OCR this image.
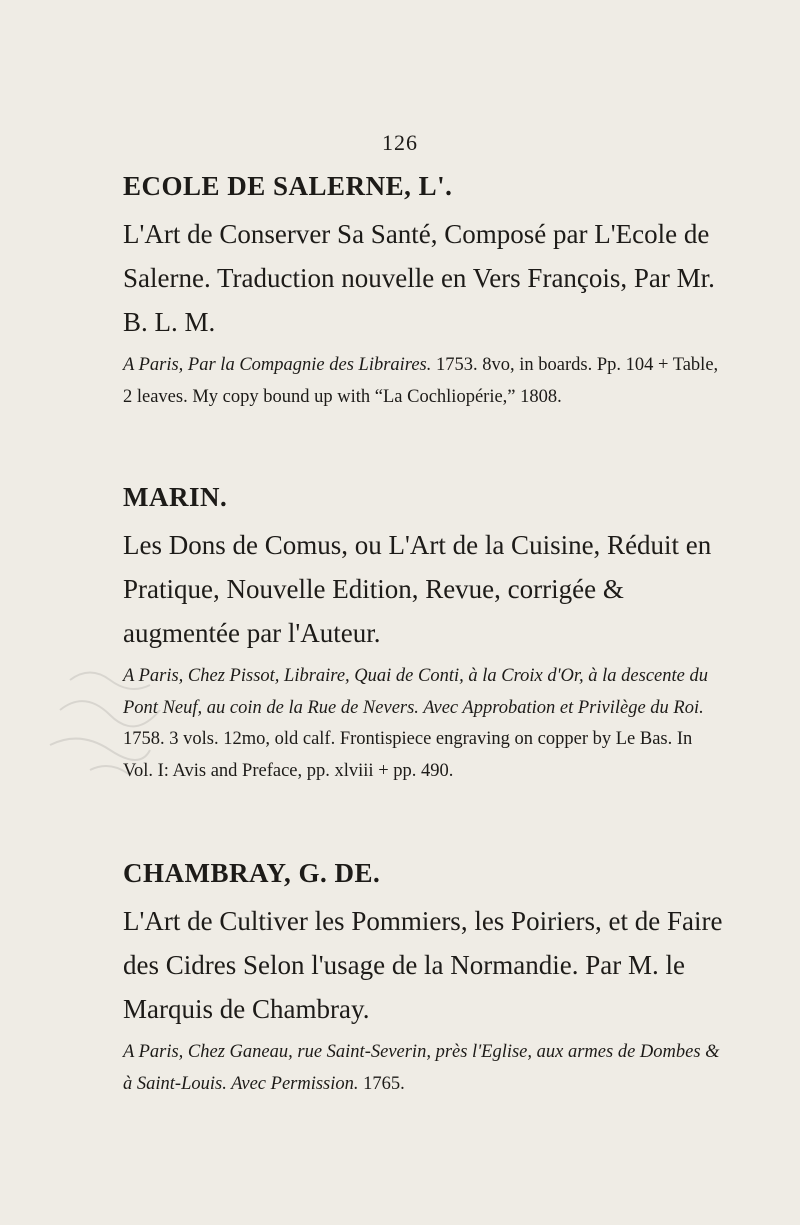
126
ECOLE DE SALERNE, L'.

L'Art de Conserver Sa Santé, Composé par L'Ecole de Salerne. Traduction nouvelle en Vers François, Par Mr. B. L. M.

A Paris, Par la Compagnie des Libraires. 1753. 8vo, in boards. Pp. 104 + Table, 2 leaves. My copy bound up with “La Cochliopérie,” 1808.

MARIN.

Les Dons de Comus, ou L'Art de la Cuisine, Réduit en Pratique, Nouvelle Edition, Revue, corrigée & augmentée par l'Auteur.

A Paris, Chez Pissot, Libraire, Quai de Conti, à la Croix d'Or, à la descente du Pont Neuf, au coin de la Rue de Nevers. Avec Approbation et Privilège du Roi. 1758. 3 vols. 12mo, old calf. Frontispiece engraving on copper by Le Bas. In Vol. I: Avis and Preface, pp. xlviii + pp. 490.

CHAMBRAY, G. DE.

L'Art de Cultiver les Pommiers, les Poiriers, et de Faire des Cidres Selon l'usage de la Normandie. Par M. le Marquis de Chambray.

A Paris, Chez Ganeau, rue Saint-Severin, près l'Eglise, aux armes de Dombes & à Saint-Louis. Avec Permission. 1765.
